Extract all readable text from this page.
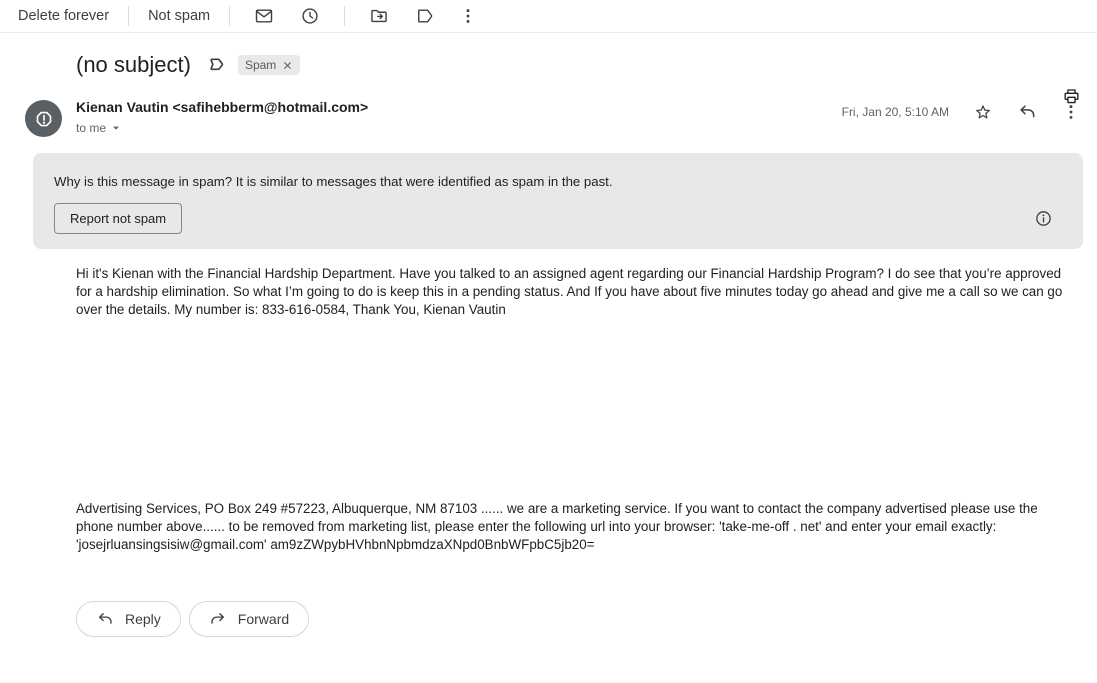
Delete forever	Not spam
(no subject)	Spam
Kienan Vautin <safihebberm@hotmail.com>
to me
Fri, Jan 20, 5:10 AM
Why is this message in spam? It is similar to messages that were identified as spam in the past.
Report not spam

Hi it's Kienan with the Financial Hardship Department. Have you talked to an assigned agent regarding our Financial Hardship Program? I do see that you’re approved for a hardship elimination. So what I’m going to do is keep this in a pending status. And If you have about five minutes today go ahead and give me a call so we can go over the details. My number is: 833-616-0584, Thank You, Kienan Vautin

Advertising Services, PO Box 249 #57223, Albuquerque, NM 87103 ...... we are a marketing service. If you want to contact the company advertised please use the phone number above...... to be removed from marketing list, please enter the following url into your browser: 'take-me-off . net' and enter your email exactly: 'josejrluansingsisiw@gmail.com' am9zZWpybHVhbnNpbmdzaXNpd0BnbWFpbC5jb20=

Reply	Forward
